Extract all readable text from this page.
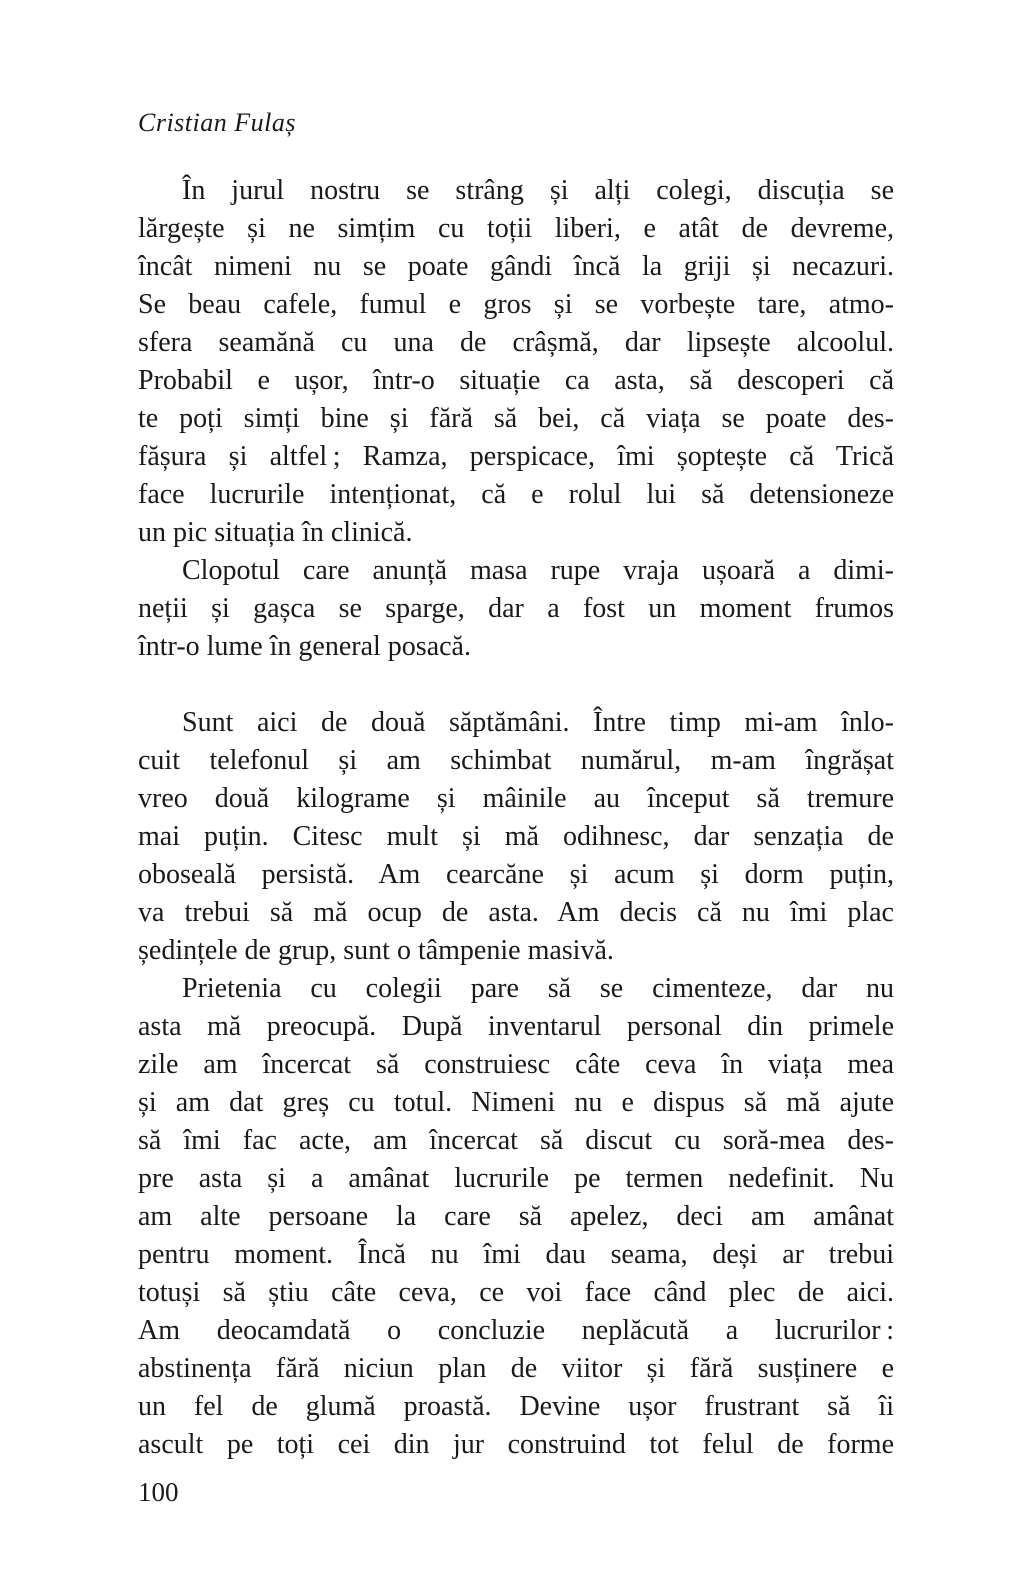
Cristian Fulaș
În jurul nostru se strâng și alți colegi, discuția se
lărgește și ne simțim cu toții liberi, e atât de devreme,
încât nimeni nu se poate gândi încă la griji și necazuri.
Se beau cafele, fumul e gros și se vorbește tare, atmo-
sfera seamănă cu una de crâșmă, dar lipsește alcoolul.
Probabil e ușor, într-o situație ca asta, să descoperi că
te poți simți bine și fără să bei, că viața se poate des-
fășura și altfel ; Ramza, perspicace, îmi șoptește că Trică
face lucrurile intenționat, că e rolul lui să detensioneze
un pic situația în clinică.
Clopotul care anunță masa rupe vraja ușoară a dimi-
neții și gașca se sparge, dar a fost un moment frumos
într-o lume în general posacă.
Sunt aici de două săptămâni. Între timp mi-am înlo-
cuit telefonul și am schimbat numărul, m-am îngrășat
vreo două kilograme și mâinile au început să tremure
mai puțin. Citesc mult și mă odihnesc, dar senzația de
oboseală persistă. Am cearcăne și acum și dorm puțin,
va trebui să mă ocup de asta. Am decis că nu îmi plac
ședințele de grup, sunt o tâmpenie masivă.
Prietenia cu colegii pare să se cimenteze, dar nu
asta mă preocupă. După inventarul personal din primele
zile am încercat să construiesc câte ceva în viața mea
și am dat greș cu totul. Nimeni nu e dispus să mă ajute
să îmi fac acte, am încercat să discut cu soră-mea des-
pre asta și a amânat lucrurile pe termen nedefinit. Nu
am alte persoane la care să apelez, deci am amânat
pentru moment. Încă nu îmi dau seama, deși ar trebui
totuși să știu câte ceva, ce voi face când plec de aici.
Am deocamdată o concluzie neplăcută a lucrurilor :
abstinența fără niciun plan de viitor și fără susținere e
un fel de glumă proastă. Devine ușor frustrant să îi
ascult pe toți cei din jur construind tot felul de forme
100
